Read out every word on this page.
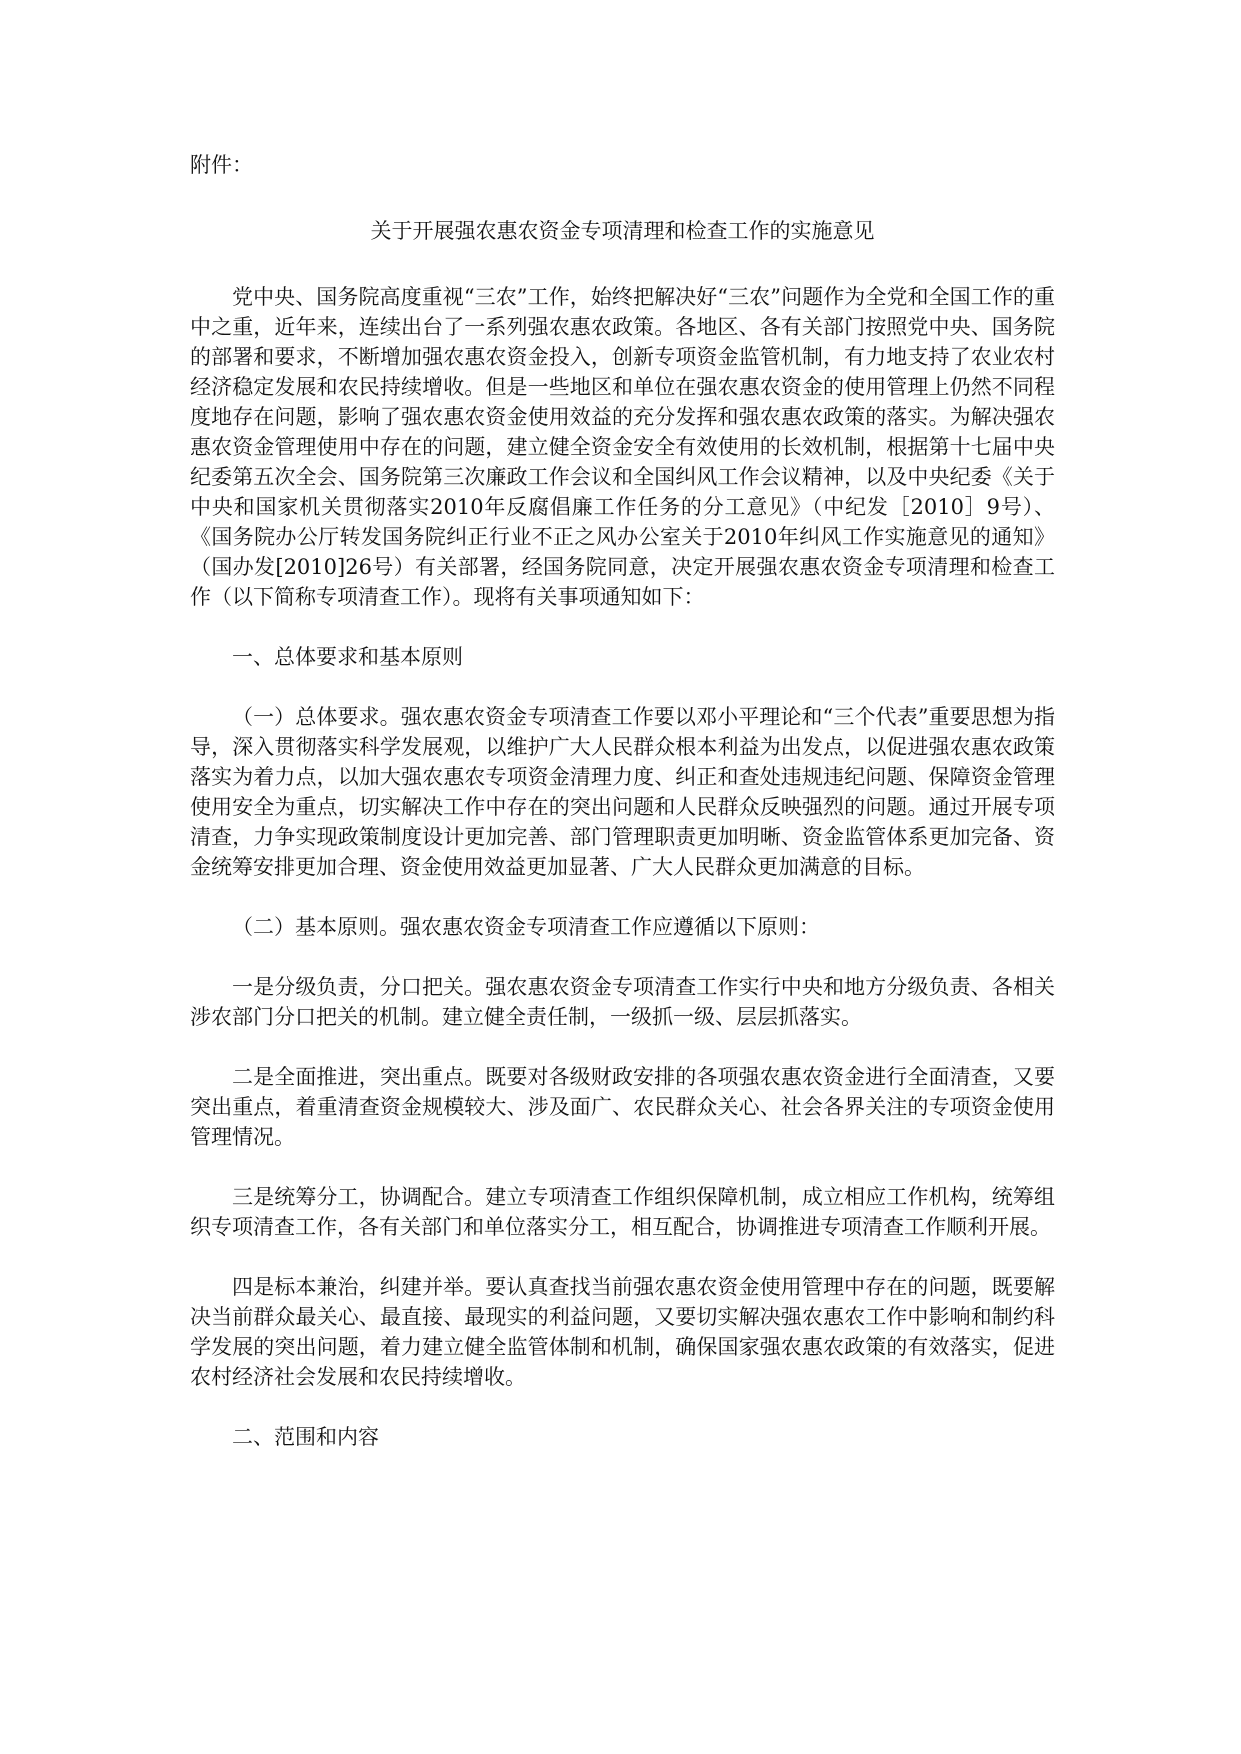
附件：

关于开展强农惠农资金专项清理和检查工作的实施意见

党中央、国务院高度重视“三农”工作，始终把解决好“三农”问题作为全党和全国工作的重中之重，近年来，连续出台了一系列强农惠农政策。各地区、各有关部门按照党中央、国务院的部署和要求，不断增加强农惠农资金投入，创新专项资金监管机制，有力地支持了农业农村经济稳定发展和农民持续增收。但是一些地区和单位在强农惠农资金的使用管理上仍然不同程度地存在问题，影响了强农惠农资金使用效益的充分发挥和强农惠农政策的落实。为解决强农惠农资金管理使用中存在的问题，建立健全资金安全有效使用的长效机制，根据第十七届中央纪委第五次全会、国务院第三次廉政工作会议和全国纠风工作会议精神，以及中央纪委《关于中央和国家机关贯彻落实2010年反腐倡廉工作任务的分工意见》（中纪发［2010］9号）、《国务院办公厅转发国务院纠正行业不正之风办公室关于2010年纠风工作实施意见的通知》（国办发[2010]26号）有关部署，经国务院同意，决定开展强农惠农资金专项清理和检查工作（以下简称专项清查工作）。现将有关事项通知如下：

一、总体要求和基本原则

（一）总体要求。强农惠农资金专项清查工作要以邓小平理论和“三个代表”重要思想为指导，深入贯彻落实科学发展观，以维护广大人民群众根本利益为出发点，以促进强农惠农政策落实为着力点，以加大强农惠农专项资金清理力度、纠正和查处违规违纪问题、保障资金管理使用安全为重点，切实解决工作中存在的突出问题和人民群众反映强烈的问题。通过开展专项清查，力争实现政策制度设计更加完善、部门管理职责更加明晰、资金监管体系更加完备、资金统筹安排更加合理、资金使用效益更加显著、广大人民群众更加满意的目标。

（二）基本原则。强农惠农资金专项清查工作应遵循以下原则：

一是分级负责，分口把关。强农惠农资金专项清查工作实行中央和地方分级负责、各相关涉农部门分口把关的机制。建立健全责任制，一级抓一级、层层抓落实。

二是全面推进，突出重点。既要对各级财政安排的各项强农惠农资金进行全面清查，又要突出重点，着重清查资金规模较大、涉及面广、农民群众关心、社会各界关注的专项资金使用管理情况。

三是统筹分工，协调配合。建立专项清查工作组织保障机制，成立相应工作机构，统筹组织专项清查工作，各有关部门和单位落实分工，相互配合，协调推进专项清查工作顺利开展。

四是标本兼治，纠建并举。要认真查找当前强农惠农资金使用管理中存在的问题，既要解决当前群众最关心、最直接、最现实的利益问题，又要切实解决强农惠农工作中影响和制约科学发展的突出问题，着力建立健全监管体制和机制，确保国家强农惠农政策的有效落实，促进农村经济社会发展和农民持续增收。

二、范围和内容
